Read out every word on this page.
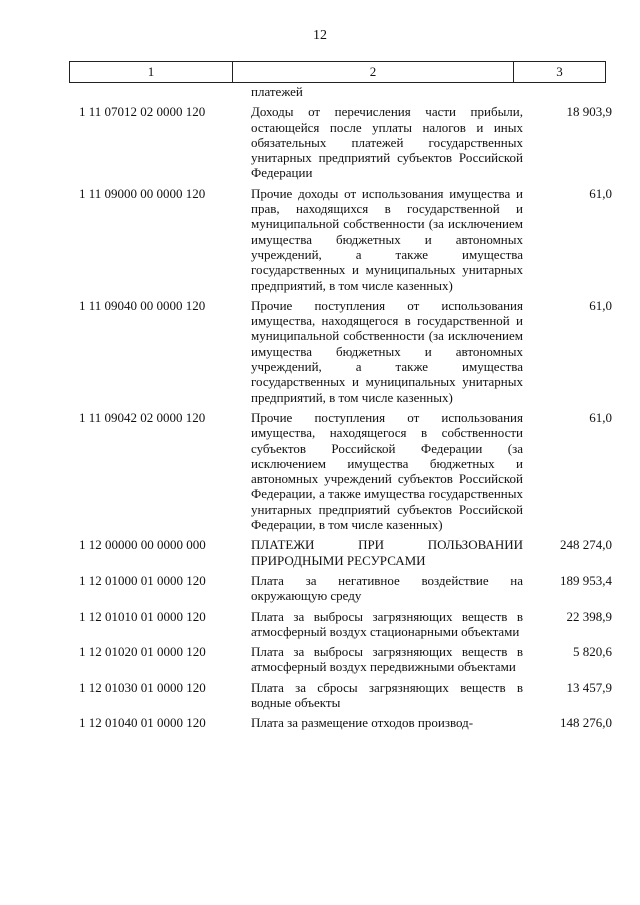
12
1	2	3
	платежей	
1 11 07012 02 0000 120	Доходы от перечисления части прибыли, остающейся после уплаты налогов и иных обязательных платежей государственных унитарных предприятий субъектов Российской Федерации	18 903,9
1 11 09000 00 0000 120	Прочие доходы от использования имущества и прав, находящихся в государственной и муниципальной собственности (за исключением имущества бюджетных и автономных учреждений, а также имущества государственных и муниципальных унитарных предприятий, в том числе казенных)	61,0
1 11 09040 00 0000 120	Прочие поступления от использования имущества, находящегося в государственной и муниципальной собственности (за исключением имущества бюджетных и автономных учреждений, а также имущества государственных и муниципальных унитарных предприятий, в том числе казенных)	61,0
1 11 09042 02 0000 120	Прочие поступления от использования имущества, находящегося в собственности субъектов Российской Федерации (за исключением имущества бюджетных и автономных учреждений субъектов Российской Федерации, а также имущества государственных унитарных предприятий субъектов Российской Федерации, в том числе казенных)	61,0
1 12 00000 00 0000 000	ПЛАТЕЖИ ПРИ ПОЛЬЗОВАНИИ ПРИРОДНЫМИ РЕСУРСАМИ	248 274,0
1 12 01000 01 0000 120	Плата за негативное воздействие на окружающую среду	189 953,4
1 12 01010 01 0000 120	Плата за выбросы загрязняющих веществ в атмосферный воздух стационарными объектами	22 398,9
1 12 01020 01 0000 120	Плата за выбросы загрязняющих веществ в атмосферный воздух передвижными объектами	5 820,6
1 12 01030 01 0000 120	Плата за сбросы загрязняющих веществ в водные объекты	13 457,9
1 12 01040 01 0000 120	Плата за размещение отходов производ-	148 276,0
